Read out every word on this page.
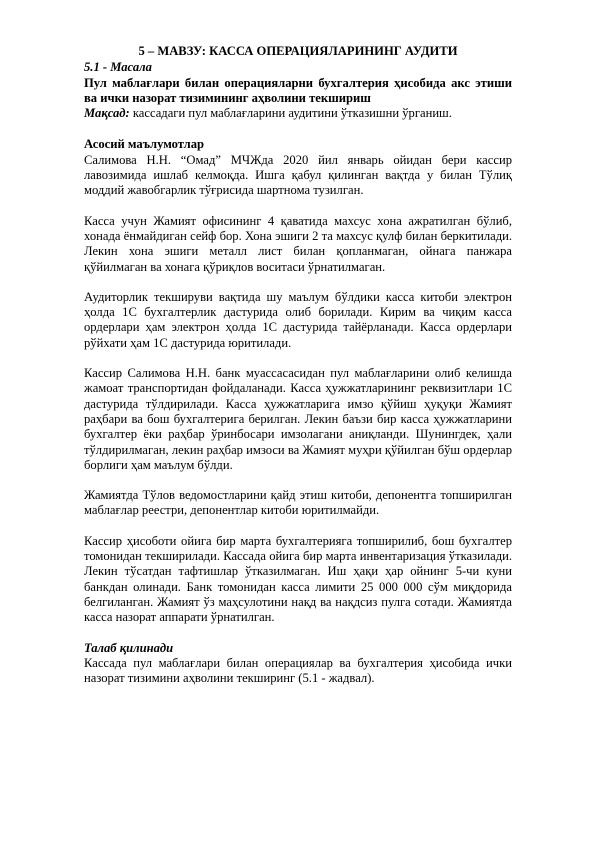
5 – МАВЗУ: КАССА ОПЕРАЦИЯЛАРИНИНГ АУДИТИ
5.1 - Масала

Пул маблағлари билан операцияларни бухгалтерия ҳисобида акс этиши ва ички назорат тизимининг аҳволини текшириш

Мақсад: кассадаги пул маблағларини аудитини ўтказишни ўрганиш.
Асосий маълумотлар

Салимова Н.Н. “Омад” МЧЖда 2020 йил январь ойидан бери кассир лавозимида ишлаб келмоқда. Ишга қабул қилинган вақтда у билан Тўлиқ моддий жавобгарлик тўғрисида шартнома тузилган.

Касса учун Жамият офисининг 4 қаватида махсус хона ажратилган бўлиб, хонада ёнмайдиган сейф бор. Хона эшиги 2 та махсус қулф билан беркитилади. Лекин хона эшиги металл лист билан қопланмаган, ойнага панжара қўйилмаган ва хонага қўриқлов воситаси ўрнатилмаган.

Аудиторлик текшируви вақтида шу маълум бўлдики касса китоби электрон ҳолда 1С бухгалтерлик дастурида олиб борилади. Кирим ва чиқим касса ордерлари ҳам электрон ҳолда 1С дастурида тайёрланади. Касса ордерлари рўйхати ҳам 1С дастурида юритилади.

Кассир Салимова Н.Н. банк муассасасидан пул маблағларини олиб келишда жамоат транспортидан фойдаланади. Касса ҳужжатларининг реквизитлари 1С дастурида тўлдирилади. Касса ҳужжатларига имзо қўйиш ҳуқуқи Жамият раҳбари ва бош бухгалтерига берилган. Лекин баъзи бир касса ҳужжатларини бухгалтер ёки раҳбар ўринбосари имзолагани аниқланди. Шунингдек, ҳали тўлдирилмаган, лекин раҳбар имзоси ва Жамият муҳри қўйилган бўш ордерлар борлиги ҳам маълум бўлди.

Жамиятда Тўлов ведомостларини қайд этиш китоби, депонентга топширилган маблағлар реестри, депонентлар китоби юритилмайди.

Кассир ҳисоботи ойига бир марта бухгалтерияга топширилиб, бош бухгалтер томонидан текширилади. Кассада ойига бир марта инвентаризация ўтказилади. Лекин тўсатдан тафтишлар ўтказилмаган. Иш ҳақи ҳар ойнинг 5-чи куни банкдан олинади. Банк томонидан касса лимити 25 000 000 сўм миқдорида белгиланган. Жамият ўз маҳсулотини нақд ва нақдсиз пулга сотади. Жамиятда касса назорат аппарати ўрнатилган.

Талаб қилинади

Кассада пул маблағлари билан операциялар ва бухгалтерия ҳисобида ички назорат тизимини аҳволини текширинг (5.1 - жадвал).
